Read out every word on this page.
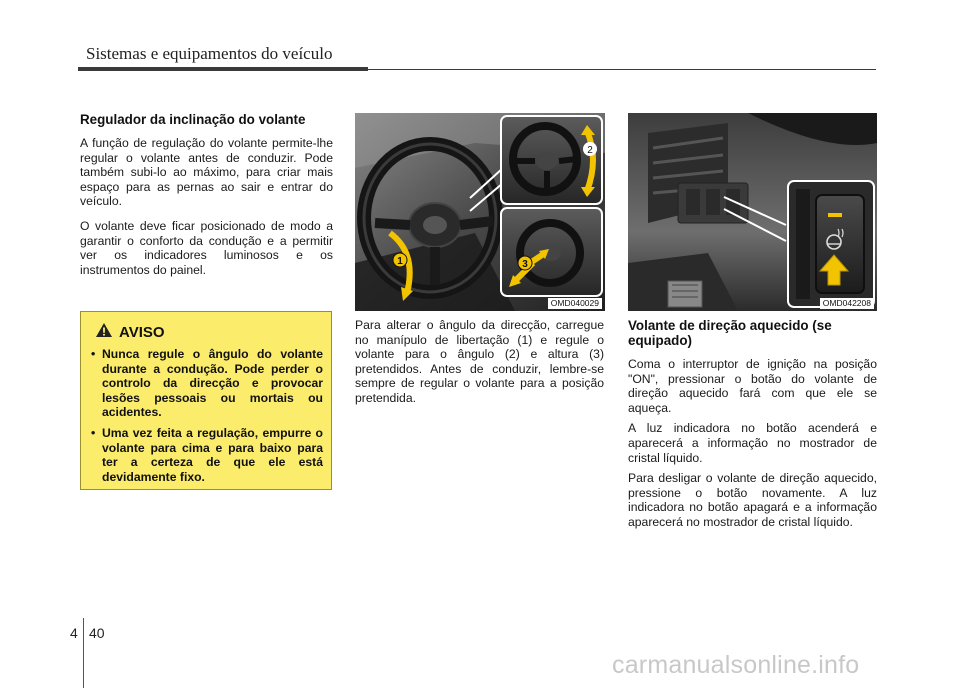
Sistemas e equipamentos do veículo
Regulador da inclinação do volante

A função de regulação do volante permite-lhe regular o volante antes de conduzir. Pode também subi-lo ao máximo, para criar mais espaço para as pernas ao sair e entrar do veículo.

O volante deve ficar posicionado de modo a garantir o conforto da condução e a permitir ver os indicadores luminosos e os instrumentos do painel.

AVISO
• Nunca regule o ângulo do volante durante a condução. Pode perder o controlo da direcção e provocar lesões pessoais ou mortais ou acidentes.
• Uma vez feita a regulação, empurre o volante para cima e para baixo para ter a certeza de que ele está devidamente fixo.
2
3
1
OMD040029

Para alterar o ângulo da direcção, carregue no manípulo de libertação (1) e regule o volante para o ângulo (2) e altura (3) pretendidos. Antes de conduzir, lembre-se sempre de regular o volante para a posição pretendida.

OMD042208
Volante de direção aquecido (se equipado)

Coma o interruptor de ignição na posição "ON", pressionar o botão do volante de direção aquecido fará com que ele se aqueça.

A luz indicadora no botão acenderá e aparecerá a informação no mostrador de cristal líquido.

Para desligar o volante de direção aquecido, pressione o botão novamente. A luz indicadora no botão apagará e a informação aparecerá no mostrador de cristal líquido.

4 40
carmanualsonline.info
